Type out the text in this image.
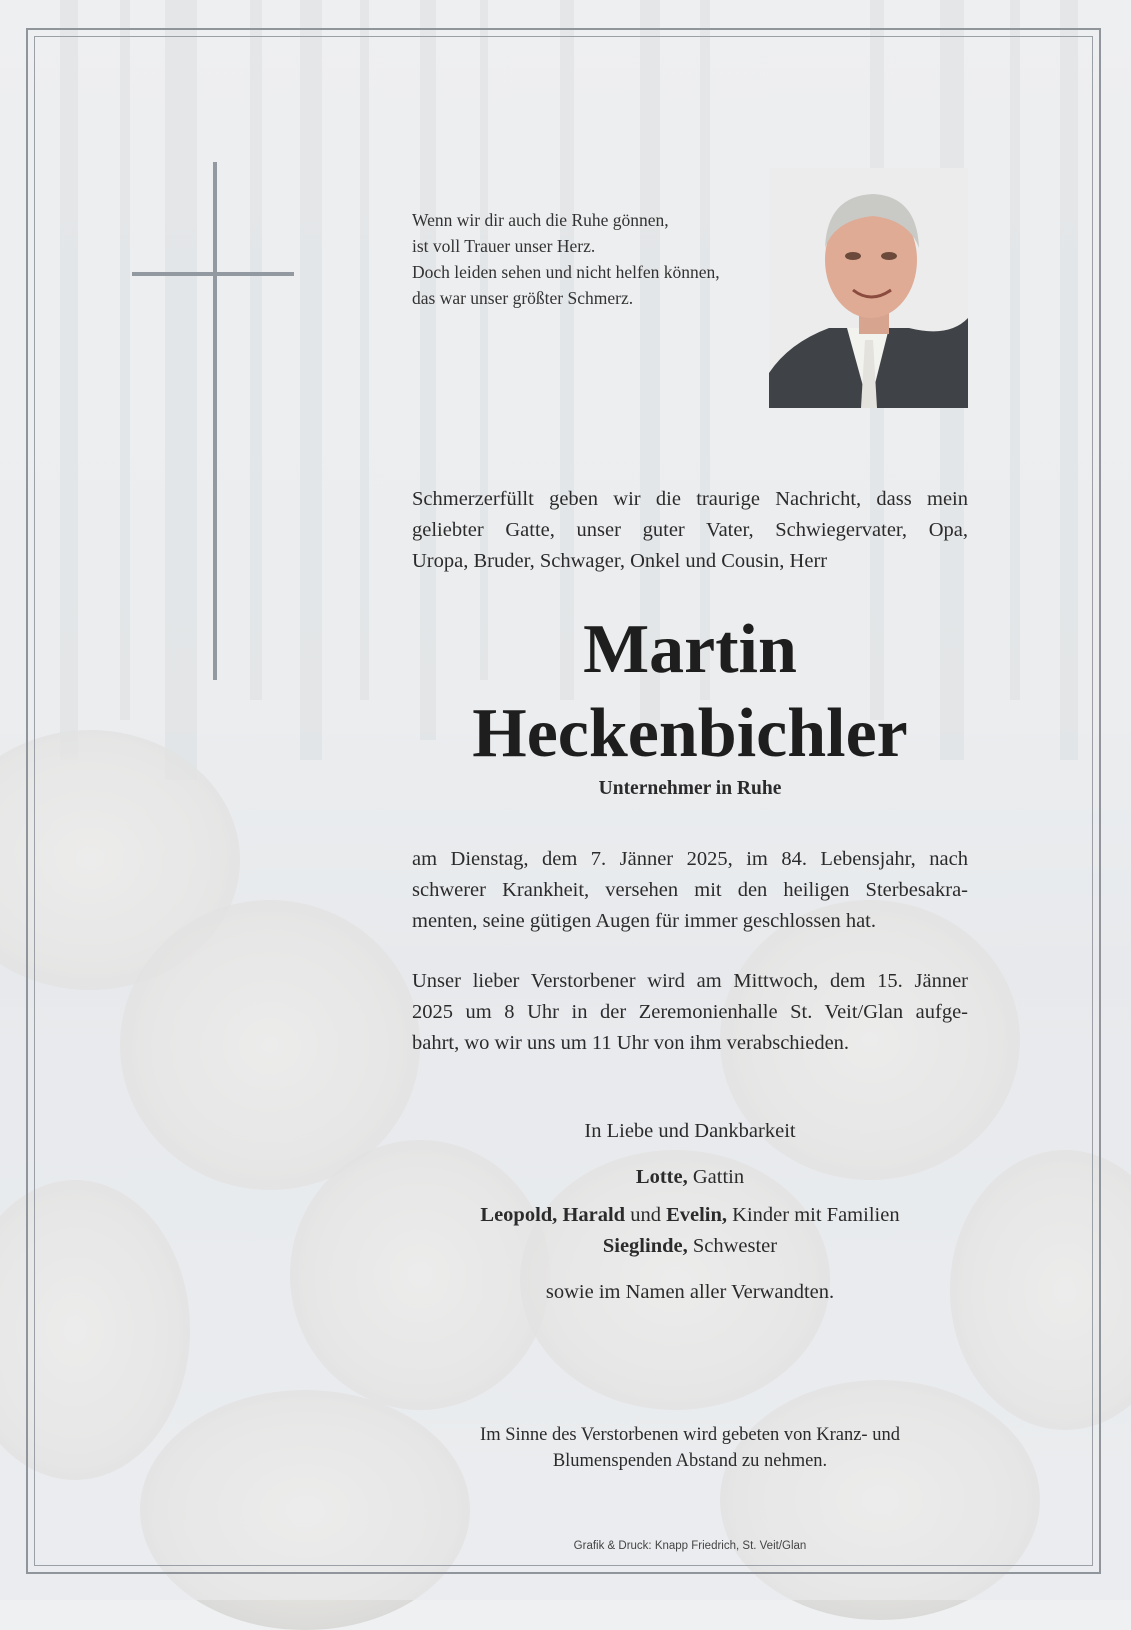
Wenn wir dir auch die Ruhe gönnen,
ist voll Trauer unser Herz.
Doch leiden sehen und nicht helfen können,
das war unser größter Schmerz.
Schmerzerfüllt geben wir die traurige Nachricht, dass mein
geliebter Gatte, unser guter Vater, Schwiegervater, Opa,
Uropa, Bruder, Schwager, Onkel und Cousin, Herr
Martin
Heckenbichler
Unternehmer in Ruhe
am Dienstag, dem 7. Jänner 2025, im 84. Lebensjahr, nach
schwerer Krankheit, versehen mit den heiligen Sterbesakra-
menten, seine gütigen Augen für immer geschlossen hat.
Unser lieber Verstorbener wird am Mittwoch, dem 15. Jänner
2025 um 8 Uhr in der Zeremonienhalle St. Veit/Glan aufge-
bahrt, wo wir uns um 11 Uhr von ihm verabschieden.
In Liebe und Dankbarkeit
Lotte, Gattin
Leopold, Harald und Evelin, Kinder mit Familien
Sieglinde, Schwester
sowie im Namen aller Verwandten.
Im Sinne des Verstorbenen wird gebeten von Kranz- und
Blumenspenden Abstand zu nehmen.
Grafik & Druck: Knapp Friedrich, St. Veit/Glan
